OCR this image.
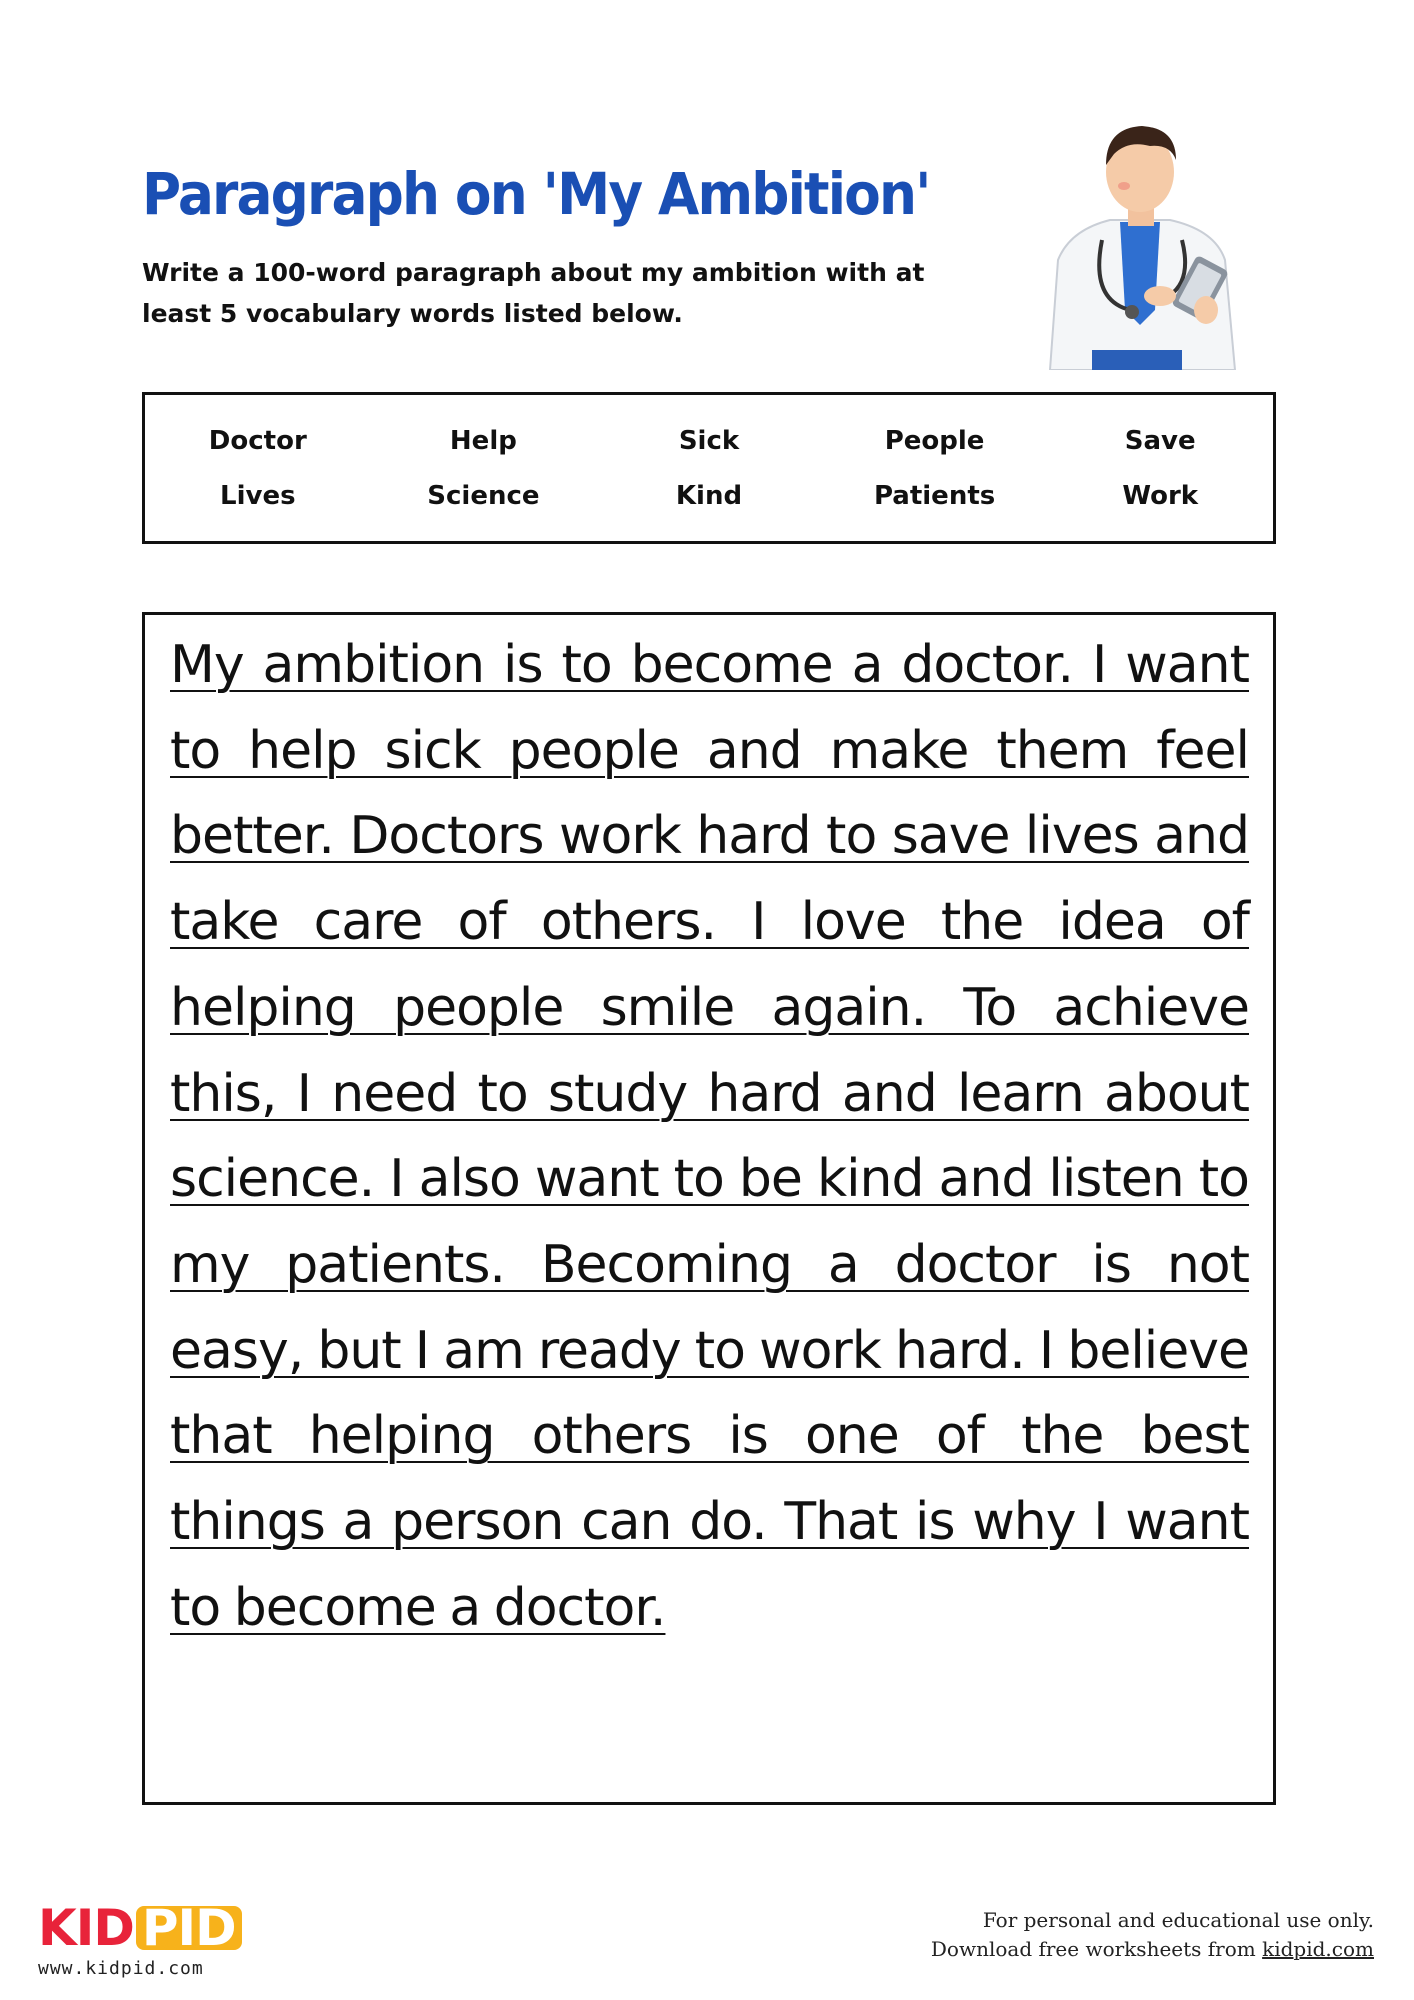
Paragraph on 'My Ambition'

Write a 100-word paragraph about my ambition with at least 5 vocabulary words listed below.

Doctor	Help	Sick	People	Save
Lives	Science	Kind	Patients	Work

My ambition is to become a doctor. I want to help sick people and make them feel better. Doctors work hard to save lives and take care of others. I love the idea of helping people smile again. To achieve this, I need to study hard and learn about science. I also want to be kind and listen to my patients. Becoming a doctor is not easy, but I am ready to work hard. I believe that helping others is one of the best things a person can do. That is why I want to become a doctor.

KID PID
www.kidpid.com
For personal and educational use only.
Download free worksheets from kidpid.com
